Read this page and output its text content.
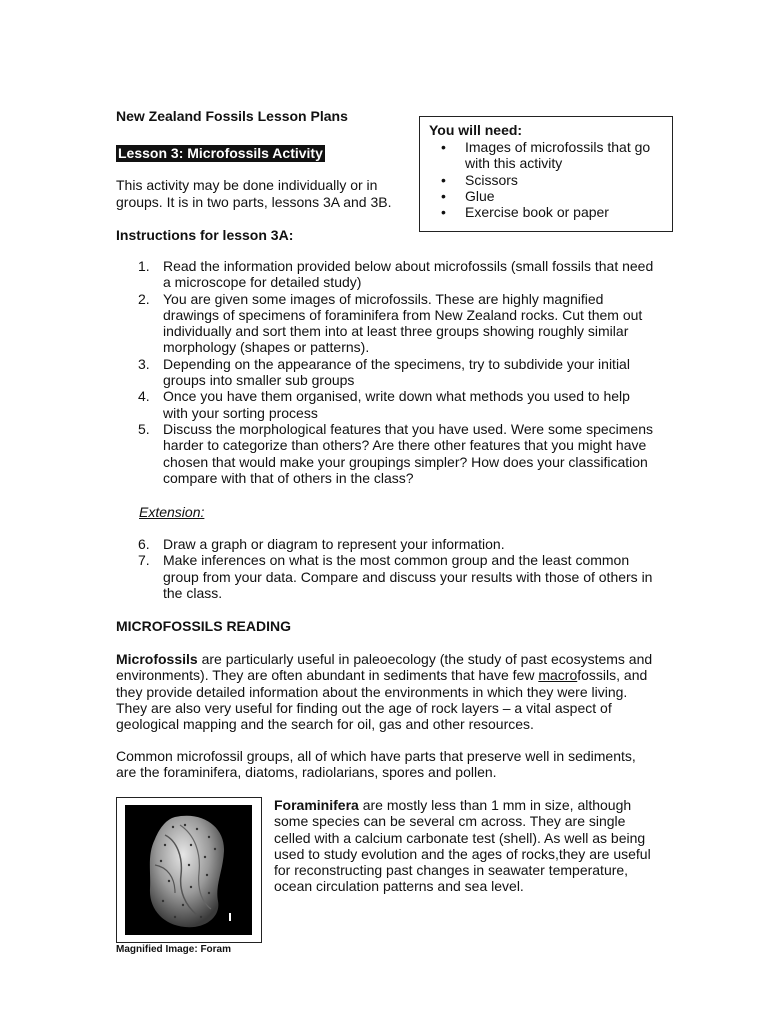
New Zealand Fossils Lesson Plans
Lesson 3: Microfossils Activity
This activity may be done individually or in groups. It is in two parts, lessons 3A and 3B.
You will need:
• Images of microfossils that go with this activity
• Scissors
• Glue
• Exercise book or paper
Instructions for lesson 3A:
1. Read the information provided below about microfossils (small fossils that need a microscope for detailed study)
2. You are given some images of microfossils. These are highly magnified drawings of specimens of foraminifera from New Zealand rocks. Cut them out individually and sort them into at least three groups showing roughly similar morphology (shapes or patterns).
3. Depending on the appearance of the specimens, try to subdivide your initial groups into smaller sub groups
4. Once you have them organised, write down what methods you used to help with your sorting process
5. Discuss the morphological features that you have used. Were some specimens harder to categorize than others? Are there other features that you might have chosen that would make your groupings simpler? How does your classification compare with that of others in the class?
Extension:
6. Draw a graph or diagram to represent your information.
7. Make inferences on what is the most common group and the least common group from your data. Compare and discuss your results with those of others in the class.
MICROFOSSILS READING
Microfossils are particularly useful in paleoecology (the study of past ecosystems and environments). They are often abundant in sediments that have few macrofossils, and they provide detailed information about the environments in which they were living. They are also very useful for finding out the age of rock layers – a vital aspect of geological mapping and the search for oil, gas and other resources.
Common microfossil groups, all of which have parts that preserve well in sediments, are the foraminifera, diatoms, radiolarians, spores and pollen.
Magnified Image: Foram
Foraminifera are mostly less than 1 mm in size, although some species can be several cm across. They are single celled with a calcium carbonate test (shell). As well as being used to study evolution and the ages of rocks,they are useful for reconstructing past changes in seawater temperature, ocean circulation patterns and sea level.
